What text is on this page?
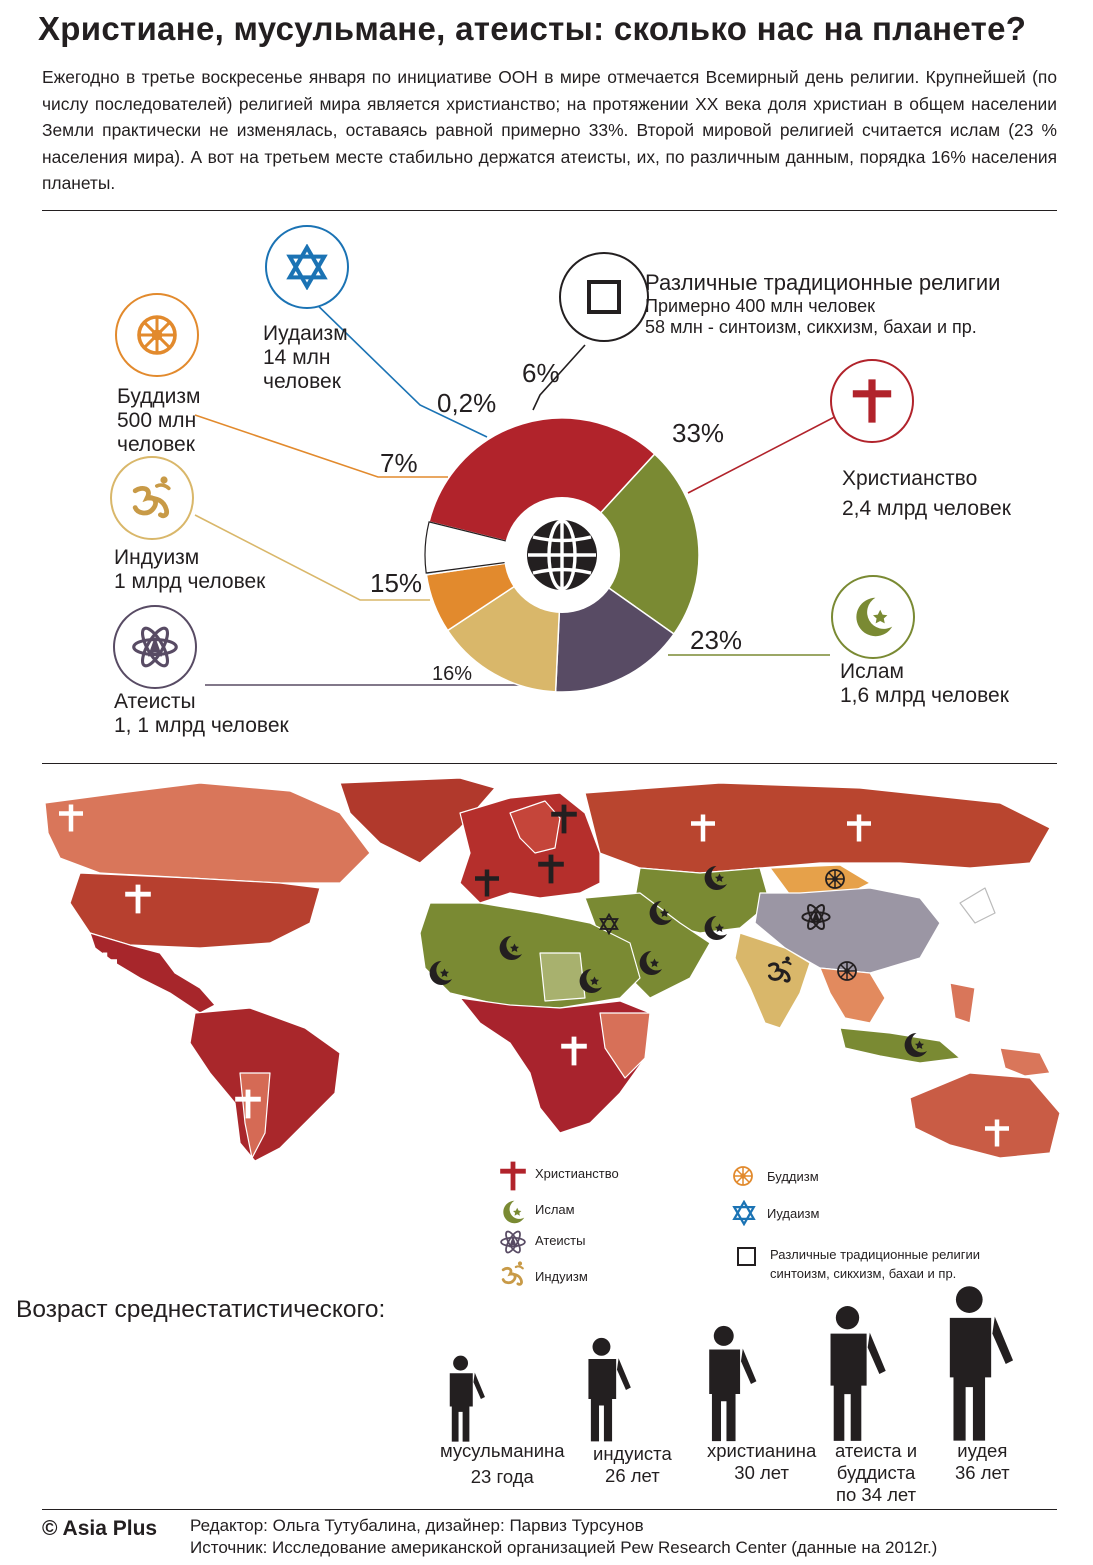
Христиане, мусульмане, атеисты: сколько нас на планете?
Ежегодно в третье воскресенье января по инициативе ООН в мире отмечается Всемирный день религии. Крупнейшей (по числу последователей) религией мира является христианство; на протяжении XX века доля христиан в общем населении Земли практически не изменялась, оставаясь равной примерно 33%. Второй мировой религией считается ислам (23 % населения мира). А вот на третьем месте стабильно держатся атеисты, их, по различным данным, порядка 16% населения планеты.
33%
23%
16%
15%
7%
0,2%
6%
Иудаизм
14 млн
человек
Буддизм
500 млн
человек
Индуизм
1 млрд человек
Атеисты
1, 1 млрд человек
Христианство
2,4 млрд человек
Ислам
1,6 млрд человек
Различные традиционные религии
Примерно 400 млн человек
58 млн - синтоизм, сикхизм, бахаи и пр.
Христианство
Ислам
Атеисты
Индуизм
Буддизм
Иудаизм
Различные традиционные религии
синтоизм, сикхизм, бахаи и пр.
Возраст среднестатистического:
мусульманина
23 года
индуиста
26 лет
христианина
30 лет
атеиста и
буддиста
по 34 лет
иудея
36 лет
© Asia Plus Редактор: Ольга Тутубалина, дизайнер: Парвиз Турсунов
Источник: Исследование американской организацией Pew Research Center (данные на 2012г.)
